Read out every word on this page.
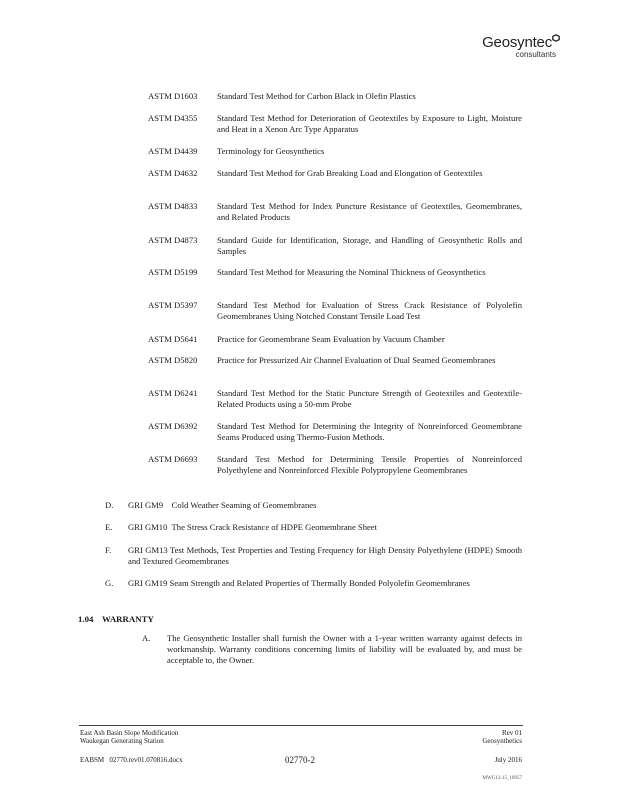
Geosyntec
consultants
ASTM D1603	Standard Test Method for Carbon Black in Olefin Plastics
ASTM D4355	Standard Test Method for Deterioration of Geotextiles by Exposure to Light, Moisture and Heat in a Xenon Arc Type Apparatus
ASTM D4439	Terminology for Geosynthetics
ASTM D4632	Standard Test Method for Grab Breaking Load and Elongation of Geotextiles
ASTM D4833	Standard Test Method for Index Puncture Resistance of Geotextiles, Geomembranes, and Related Products
ASTM D4873	Standard Guide for Identification, Storage, and Handling of Geosynthetic Rolls and Samples
ASTM D5199	Standard Test Method for Measuring the Nominal Thickness of Geosynthetics
ASTM D5397	Standard Test Method for Evaluation of Stress Crack Resistance of Polyolefin Geomembranes Using Notched Constant Tensile Load Test
ASTM D5641	Practice for Geomembrane Seam Evaluation by Vacuum Chamber
ASTM D5820	Practice for Pressurized Air Channel Evaluation of Dual Seamed Geomembranes
ASTM D6241	Standard Test Method for the Static Puncture Strength of Geotextiles and Geotextile-Related Products using a 50-mm Probe
ASTM D6392	Standard Test Method for Determining the Integrity of Nonreinforced Geomembrane Seams Produced using Thermo-Fusion Methods.
ASTM D6693	Standard Test Method for Determining Tensile Properties of Nonreinforced Polyethylene and Nonreinforced Flexible Polypropylene Geomembranes
D. GRI GM9    Cold Weather Seaming of Geomembranes
E. GRI GM10  The Stress Crack Resistance of HDPE Geomembrane Sheet
F. GRI GM13 Test Methods, Test Properties and Testing Frequency for High Density Polyethylene (HDPE) Smooth and Textured Geomembranes
G. GRI GM19 Seam Strength and Related Properties of Thermally Bonded Polyolefin Geomembranes
1.04 WARRANTY
A. The Geosynthetic Installer shall furnish the Owner with a 1-year written warranty against defects in workmanship. Warranty conditions concerning limits of liability will be evaluated by, and must be acceptable to, the Owner.
East Ash Basin Slope Modification
Waukegan Generating Station
Rev 01
Geosynthetics
EABSM   02770.rev01.070816.docx	02770-2	July 2016
MWG13-15_18957
